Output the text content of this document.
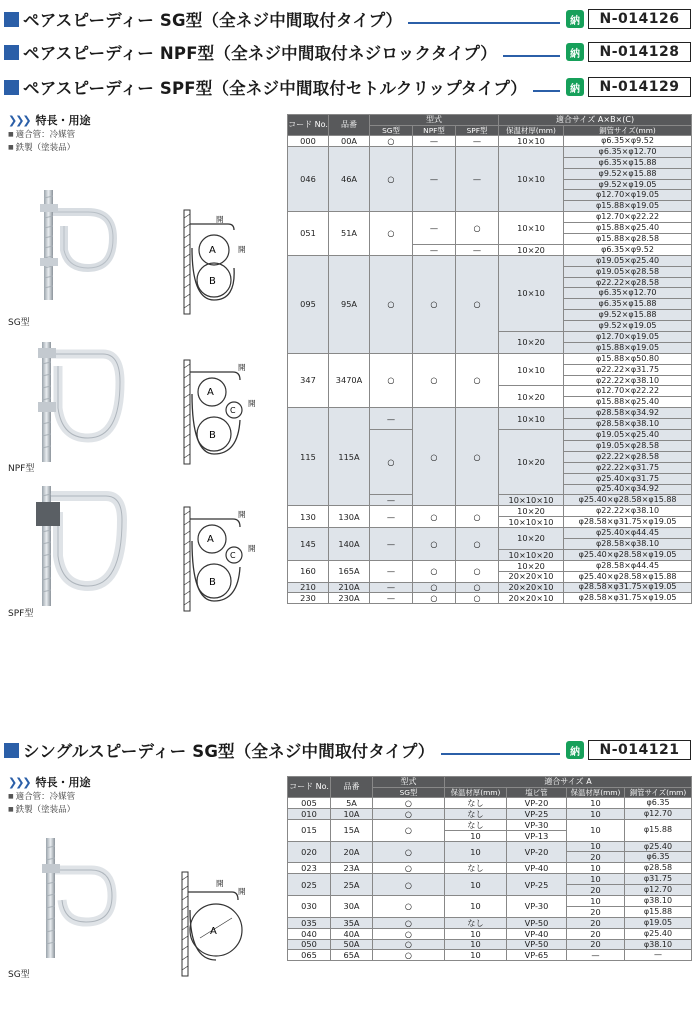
ペアスピーディー SG型（全ネジ中間取付タイプ）	納	N-014126
ペアスピーディー NPF型（全ネジ中間取付ネジロックタイプ）	納	N-014128
ペアスピーディー SPF型（全ネジ中間取付セトルクリップタイプ）	納	N-014129
シングルスピーディー SG型（全ネジ中間取付タイプ）	納	N-014121
❯❯❯ 特長・用途
■ 適合管：冷媒管
■ 鉄製（塗装品）
SG型
NPF型
SPF型
A
B
開
開
A
C
B
開
開
A
C
B
開
開
コード No.	品番	型式			適合サイズ A×B×(C)	
		SG型	NPF型	SPF型	保温材厚(mm)	銅管サイズ(mm)
000	00A	○	—	—	10×10	φ6.35×φ9.52
046	46A	○	—	—	10×10	φ6.35×φ12.70
						φ6.35×φ15.88
						φ9.52×φ15.88
						φ9.52×φ19.05
						φ12.70×φ19.05
						φ15.88×φ19.05
051	51A	○	—	○	10×10	φ12.70×φ22.22
						φ15.88×φ25.40
						φ15.88×φ28.58
			—	—	10×20	φ6.35×φ9.52
095	95A	○	○	○	10×10	φ19.05×φ25.40
						φ19.05×φ28.58
						φ22.22×φ28.58
						φ6.35×φ12.70
						φ6.35×φ15.88
						φ9.52×φ15.88
						φ9.52×φ19.05
					10×20	φ12.70×φ19.05
						φ15.88×φ19.05
347	3470A	○	○	○	10×10	φ15.88×φ50.80
						φ22.22×φ31.75
						φ22.22×φ38.10
					10×20	φ12.70×φ22.22
						φ15.88×φ25.40
115	115A	—	○	○	10×10	φ28.58×φ34.92
						φ28.58×φ38.10
		○			10×20	φ19.05×φ25.40
						φ19.05×φ28.58
						φ22.22×φ28.58
						φ22.22×φ31.75
						φ25.40×φ31.75
						φ25.40×φ34.92
		—			10×10×10	φ25.40×φ28.58×φ15.88
130	130A	—	○	○	10×20	φ22.22×φ38.10
					10×10×10	φ28.58×φ31.75×φ19.05
145	140A	—	○	○	10×20	φ25.40×φ44.45
						φ28.58×φ38.10
					10×10×20	φ25.40×φ28.58×φ19.05
160	165A	—	○	○	10×20	φ28.58×φ44.45
					20×20×10	φ25.40×φ28.58×φ15.88
210	210A	—	○	○	20×20×10	φ28.58×φ31.75×φ19.05
230	230A	—	○	○	20×20×10	φ28.58×φ31.75×φ19.05
❯❯❯ 特長・用途
■ 適合管：冷媒管
■ 鉄製（塗装品）
SG型
A
開
開
コード No.	品番	型式	適合サイズ A			
		SG型	保温材厚(mm)	塩ビ管	保温材厚(mm)	銅管サイズ(mm)
005	5A	○	なし	VP-20	10	φ6.35
010	10A	○	なし	VP-25	10	φ12.70
015	15A	○	なし	VP-30	10	φ15.88
			10	VP-13		
020	20A	○	10	VP-20	10	φ25.40
					20	φ6.35
023	23A	○	なし	VP-40	10	φ28.58
025	25A	○	10	VP-25	10	φ31.75
					20	φ12.70
030	30A	○	10	VP-30	10	φ38.10
					20	φ15.88
035	35A	○	なし	VP-50	20	φ19.05
040	40A	○	10	VP-40	20	φ25.40
050	50A	○	10	VP-50	20	φ38.10
065	65A	○	10	VP-65	—	—
